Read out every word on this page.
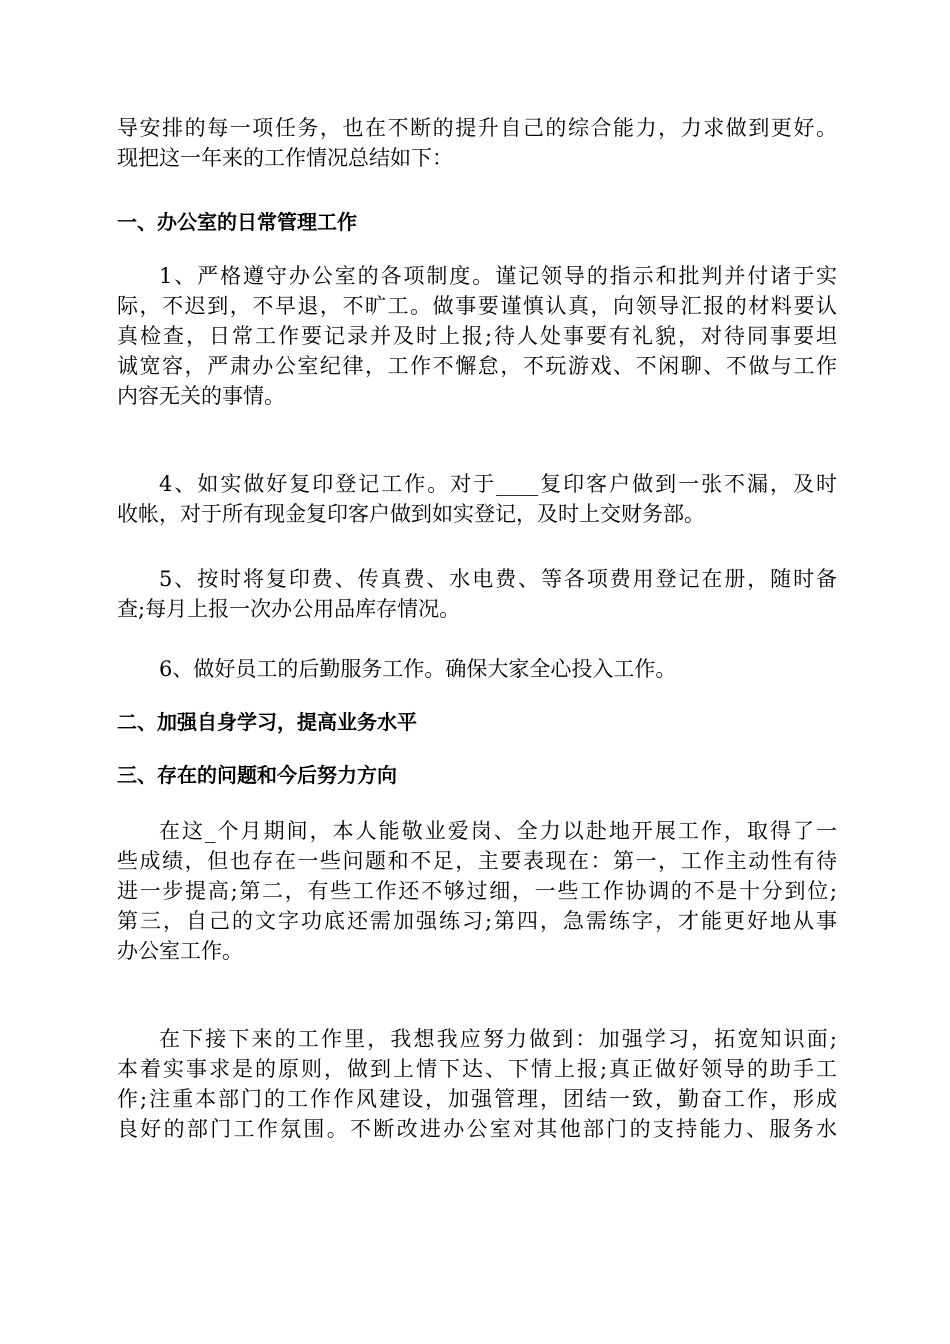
导安排的每一项任务，也在不断的提升自己的综合能力，力求做到更好。
现把这一年来的工作情况总结如下：
一、办公室的日常管理工作
1、严格遵守办公室的各项制度。谨记领导的指示和批判并付诸于实
际，不迟到，不早退，不旷工。做事要谨慎认真，向领导汇报的材料要认
真检查，日常工作要记录并及时上报;待人处事要有礼貌，对待同事要坦
诚宽容，严肃办公室纪律，工作不懈怠，不玩游戏、不闲聊、不做与工作
内容无关的事情。
4、如实做好复印登记工作。对于____复印客户做到一张不漏，及时
收帐，对于所有现金复印客户做到如实登记，及时上交财务部。
5、按时将复印费、传真费、水电费、等各项费用登记在册，随时备
查;每月上报一次办公用品库存情况。
6、做好员工的后勤服务工作。确保大家全心投入工作。
二、加强自身学习，提高业务水平
三、存在的问题和今后努力方向
在这_个月期间，本人能敬业爱岗、全力以赴地开展工作，取得了一
些成绩，但也存在一些问题和不足，主要表现在：第一，工作主动性有待
进一步提高;第二，有些工作还不够过细，一些工作协调的不是十分到位;
第三，自己的文字功底还需加强练习;第四，急需练字，才能更好地从事
办公室工作。
在下接下来的工作里，我想我应努力做到：加强学习，拓宽知识面;
本着实事求是的原则，做到上情下达、下情上报;真正做好领导的助手工
作;注重本部门的工作作风建设，加强管理，团结一致，勤奋工作，形成
良好的部门工作氛围。不断改进办公室对其他部门的支持能力、服务水
